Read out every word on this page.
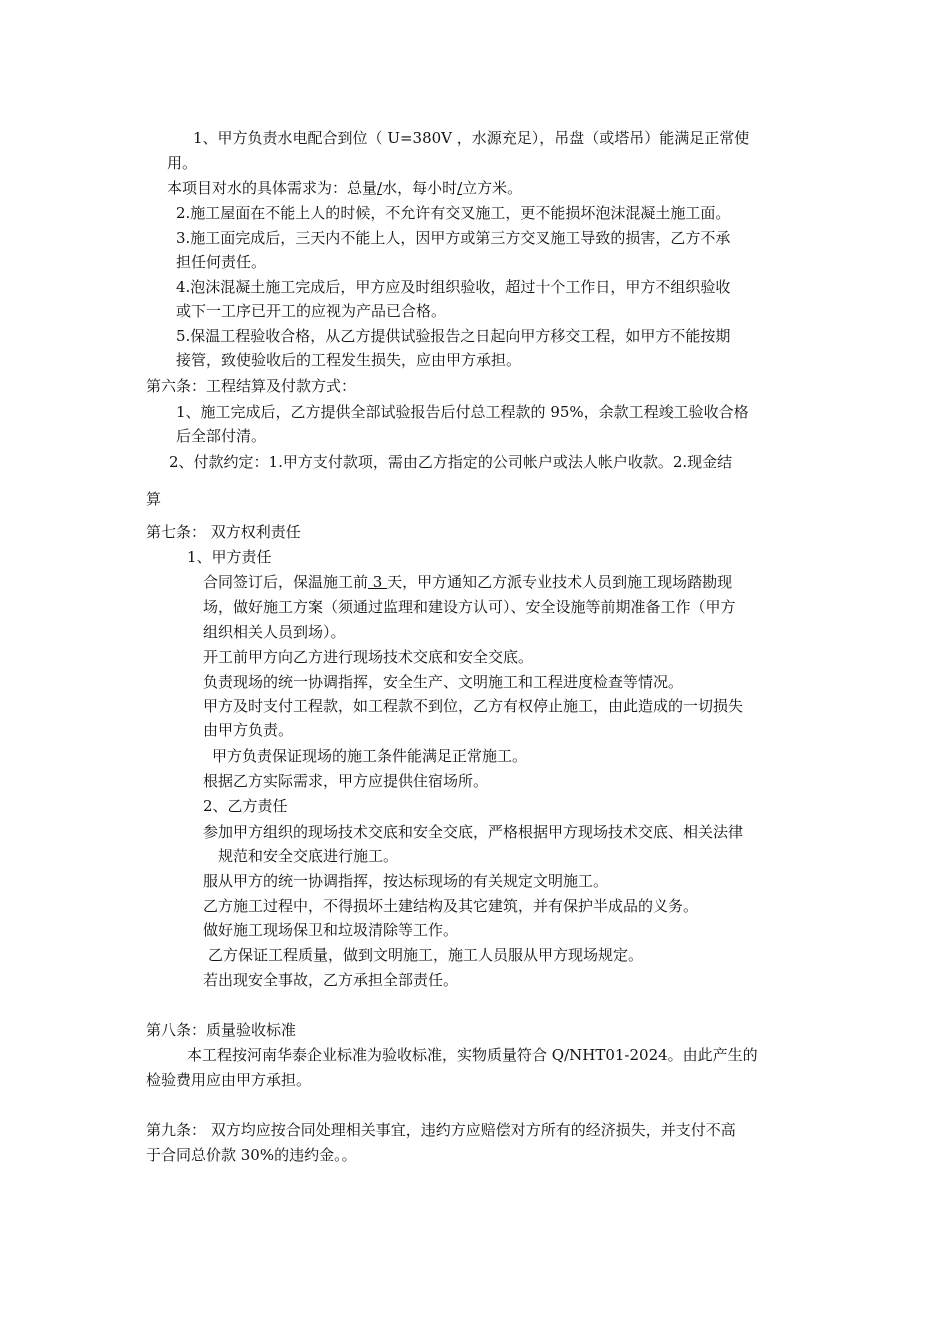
1、甲方负责水电配合到位（ U=380V ，水源充足），吊盘（或塔吊）能满足正常使
用。
本项目对水的具体需求为：总量/水，每小时/立方米。
2.施工屋面在不能上人的时候，不允许有交叉施工，更不能损坏泡沫混凝土施工面。
3.施工面完成后，三天内不能上人，因甲方或第三方交叉施工导致的损害，乙方不承
担任何责任。
4.泡沫混凝土施工完成后，甲方应及时组织验收，超过十个工作日，甲方不组织验收
或下一工序已开工的应视为产品已合格。
5.保温工程验收合格，从乙方提供试验报告之日起向甲方移交工程，如甲方不能按期
接管，致使验收后的工程发生损失，应由甲方承担。
第六条：工程结算及付款方式：
1、施工完成后，乙方提供全部试验报告后付总工程款的 95%，余款工程竣工验收合格
后全部付清。
2、付款约定：1.甲方支付款项，需由乙方指定的公司帐户或法人帐户收款。2.现金结
算
第七条： 双方权利责任
1、甲方责任
合同签订后，保温施工前 3 天，甲方通知乙方派专业技术人员到施工现场踏勘现
场，做好施工方案（须通过监理和建设方认可）、安全设施等前期准备工作（甲方
组织相关人员到场）。
开工前甲方向乙方进行现场技术交底和安全交底。
负责现场的统一协调指挥，安全生产、文明施工和工程进度检查等情况。
甲方及时支付工程款，如工程款不到位，乙方有权停止施工，由此造成的一切损失
由甲方负责。
甲方负责保证现场的施工条件能满足正常施工。
根据乙方实际需求，甲方应提供住宿场所。
2、乙方责任
参加甲方组织的现场技术交底和安全交底，严格根据甲方现场技术交底、相关法律
规范和安全交底进行施工。
服从甲方的统一协调指挥，按达标现场的有关规定文明施工。
乙方施工过程中，不得损坏土建结构及其它建筑，并有保护半成品的义务。
做好施工现场保卫和垃圾清除等工作。
乙方保证工程质量，做到文明施工，施工人员服从甲方现场规定。
若出现安全事故，乙方承担全部责任。
第八条：质量验收标准
本工程按河南华泰企业标准为验收标准，实物质量符合 Q/NHT01-2024。由此产生的
检验费用应由甲方承担。
第九条： 双方均应按合同处理相关事宜，违约方应赔偿对方所有的经济损失，并支付不高
于合同总价款 30%的违约金。。
